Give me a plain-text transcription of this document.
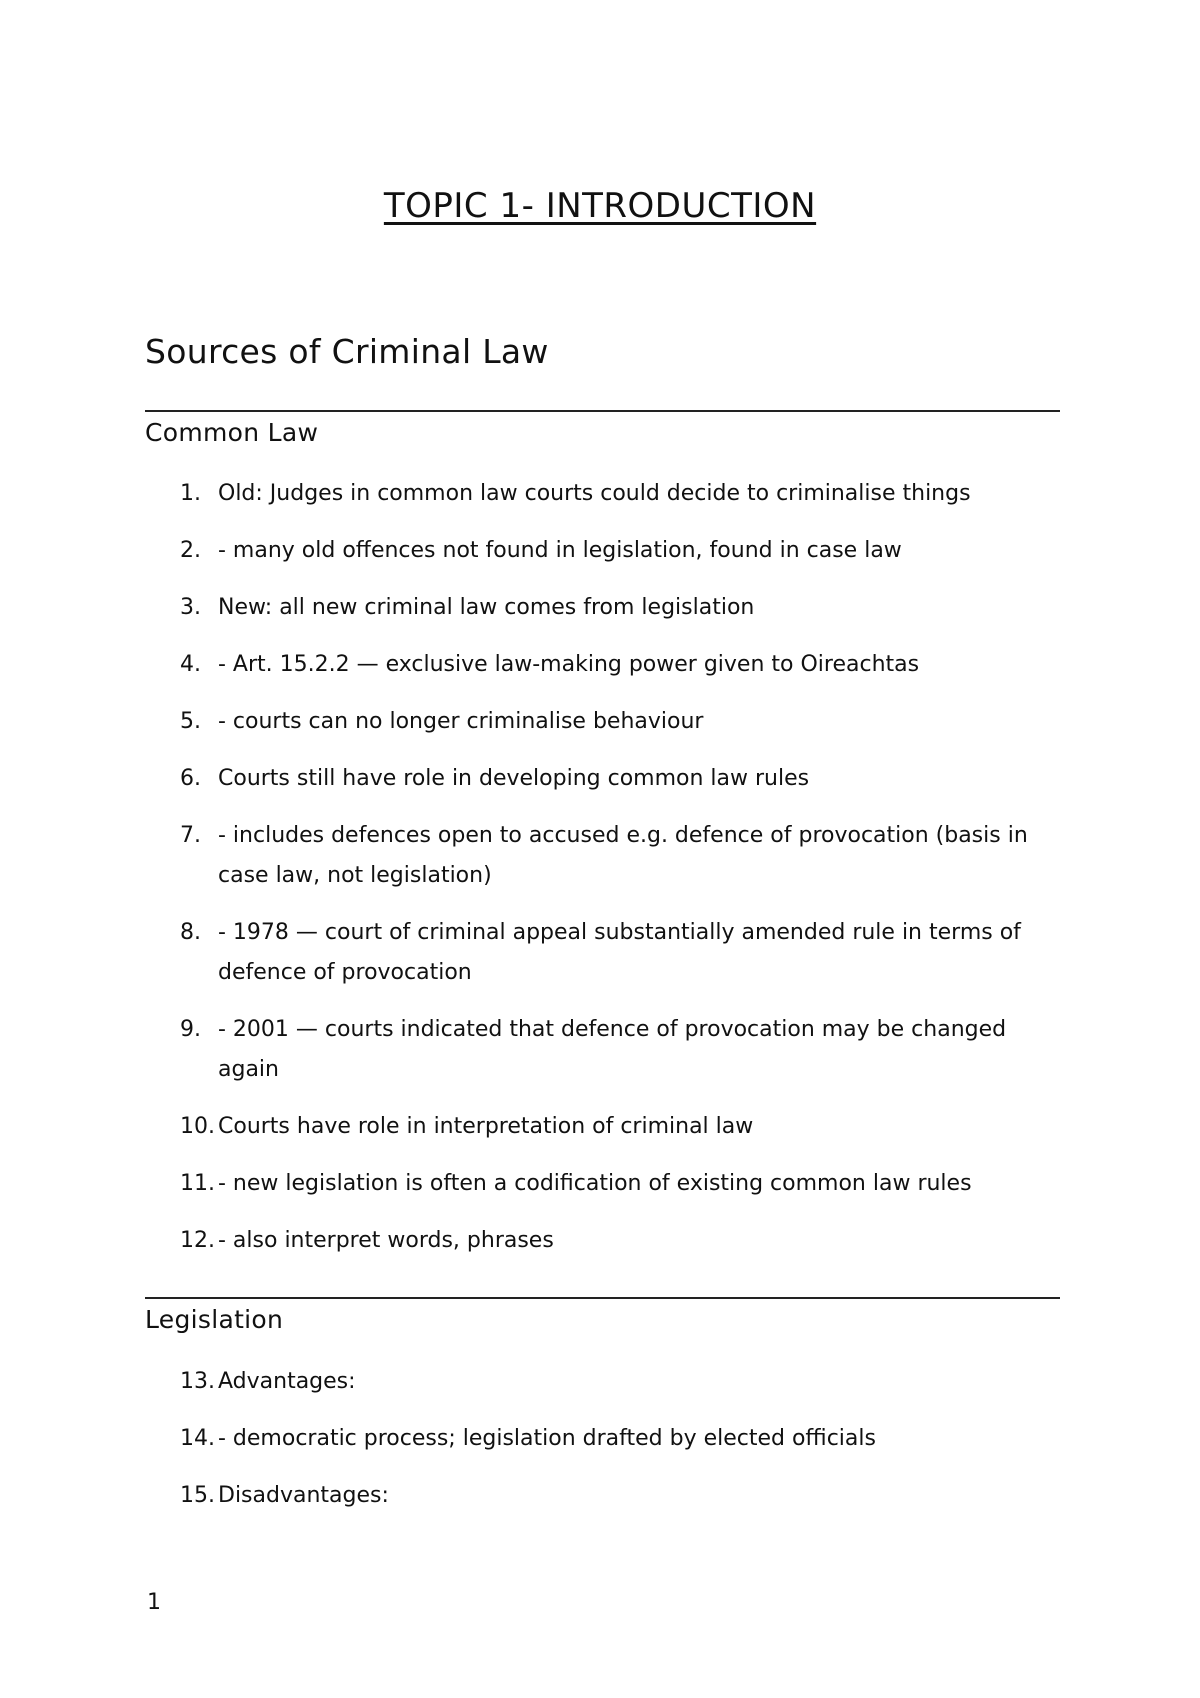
TOPIC 1- INTRODUCTION
Sources of Criminal Law
Common Law
1. Old: Judges in common law courts could decide to criminalise things
2. - many old offences not found in legislation, found in case law
3. New: all new criminal law comes from legislation
4. - Art. 15.2.2 — exclusive law-making power given to Oireachtas
5. - courts can no longer criminalise behaviour
6. Courts still have role in developing common law rules
7. - includes defences open to accused e.g. defence of provocation (basis in case law, not legislation)
8. - 1978 — court of criminal appeal substantially amended rule in terms of defence of provocation
9. - 2001 — courts indicated that defence of provocation may be changed again
10. Courts have role in interpretation of criminal law
11. - new legislation is often a codification of existing common law rules
12. - also interpret words, phrases
Legislation
13. Advantages:
14. - democratic process; legislation drafted by elected officials
15. Disadvantages:
1
